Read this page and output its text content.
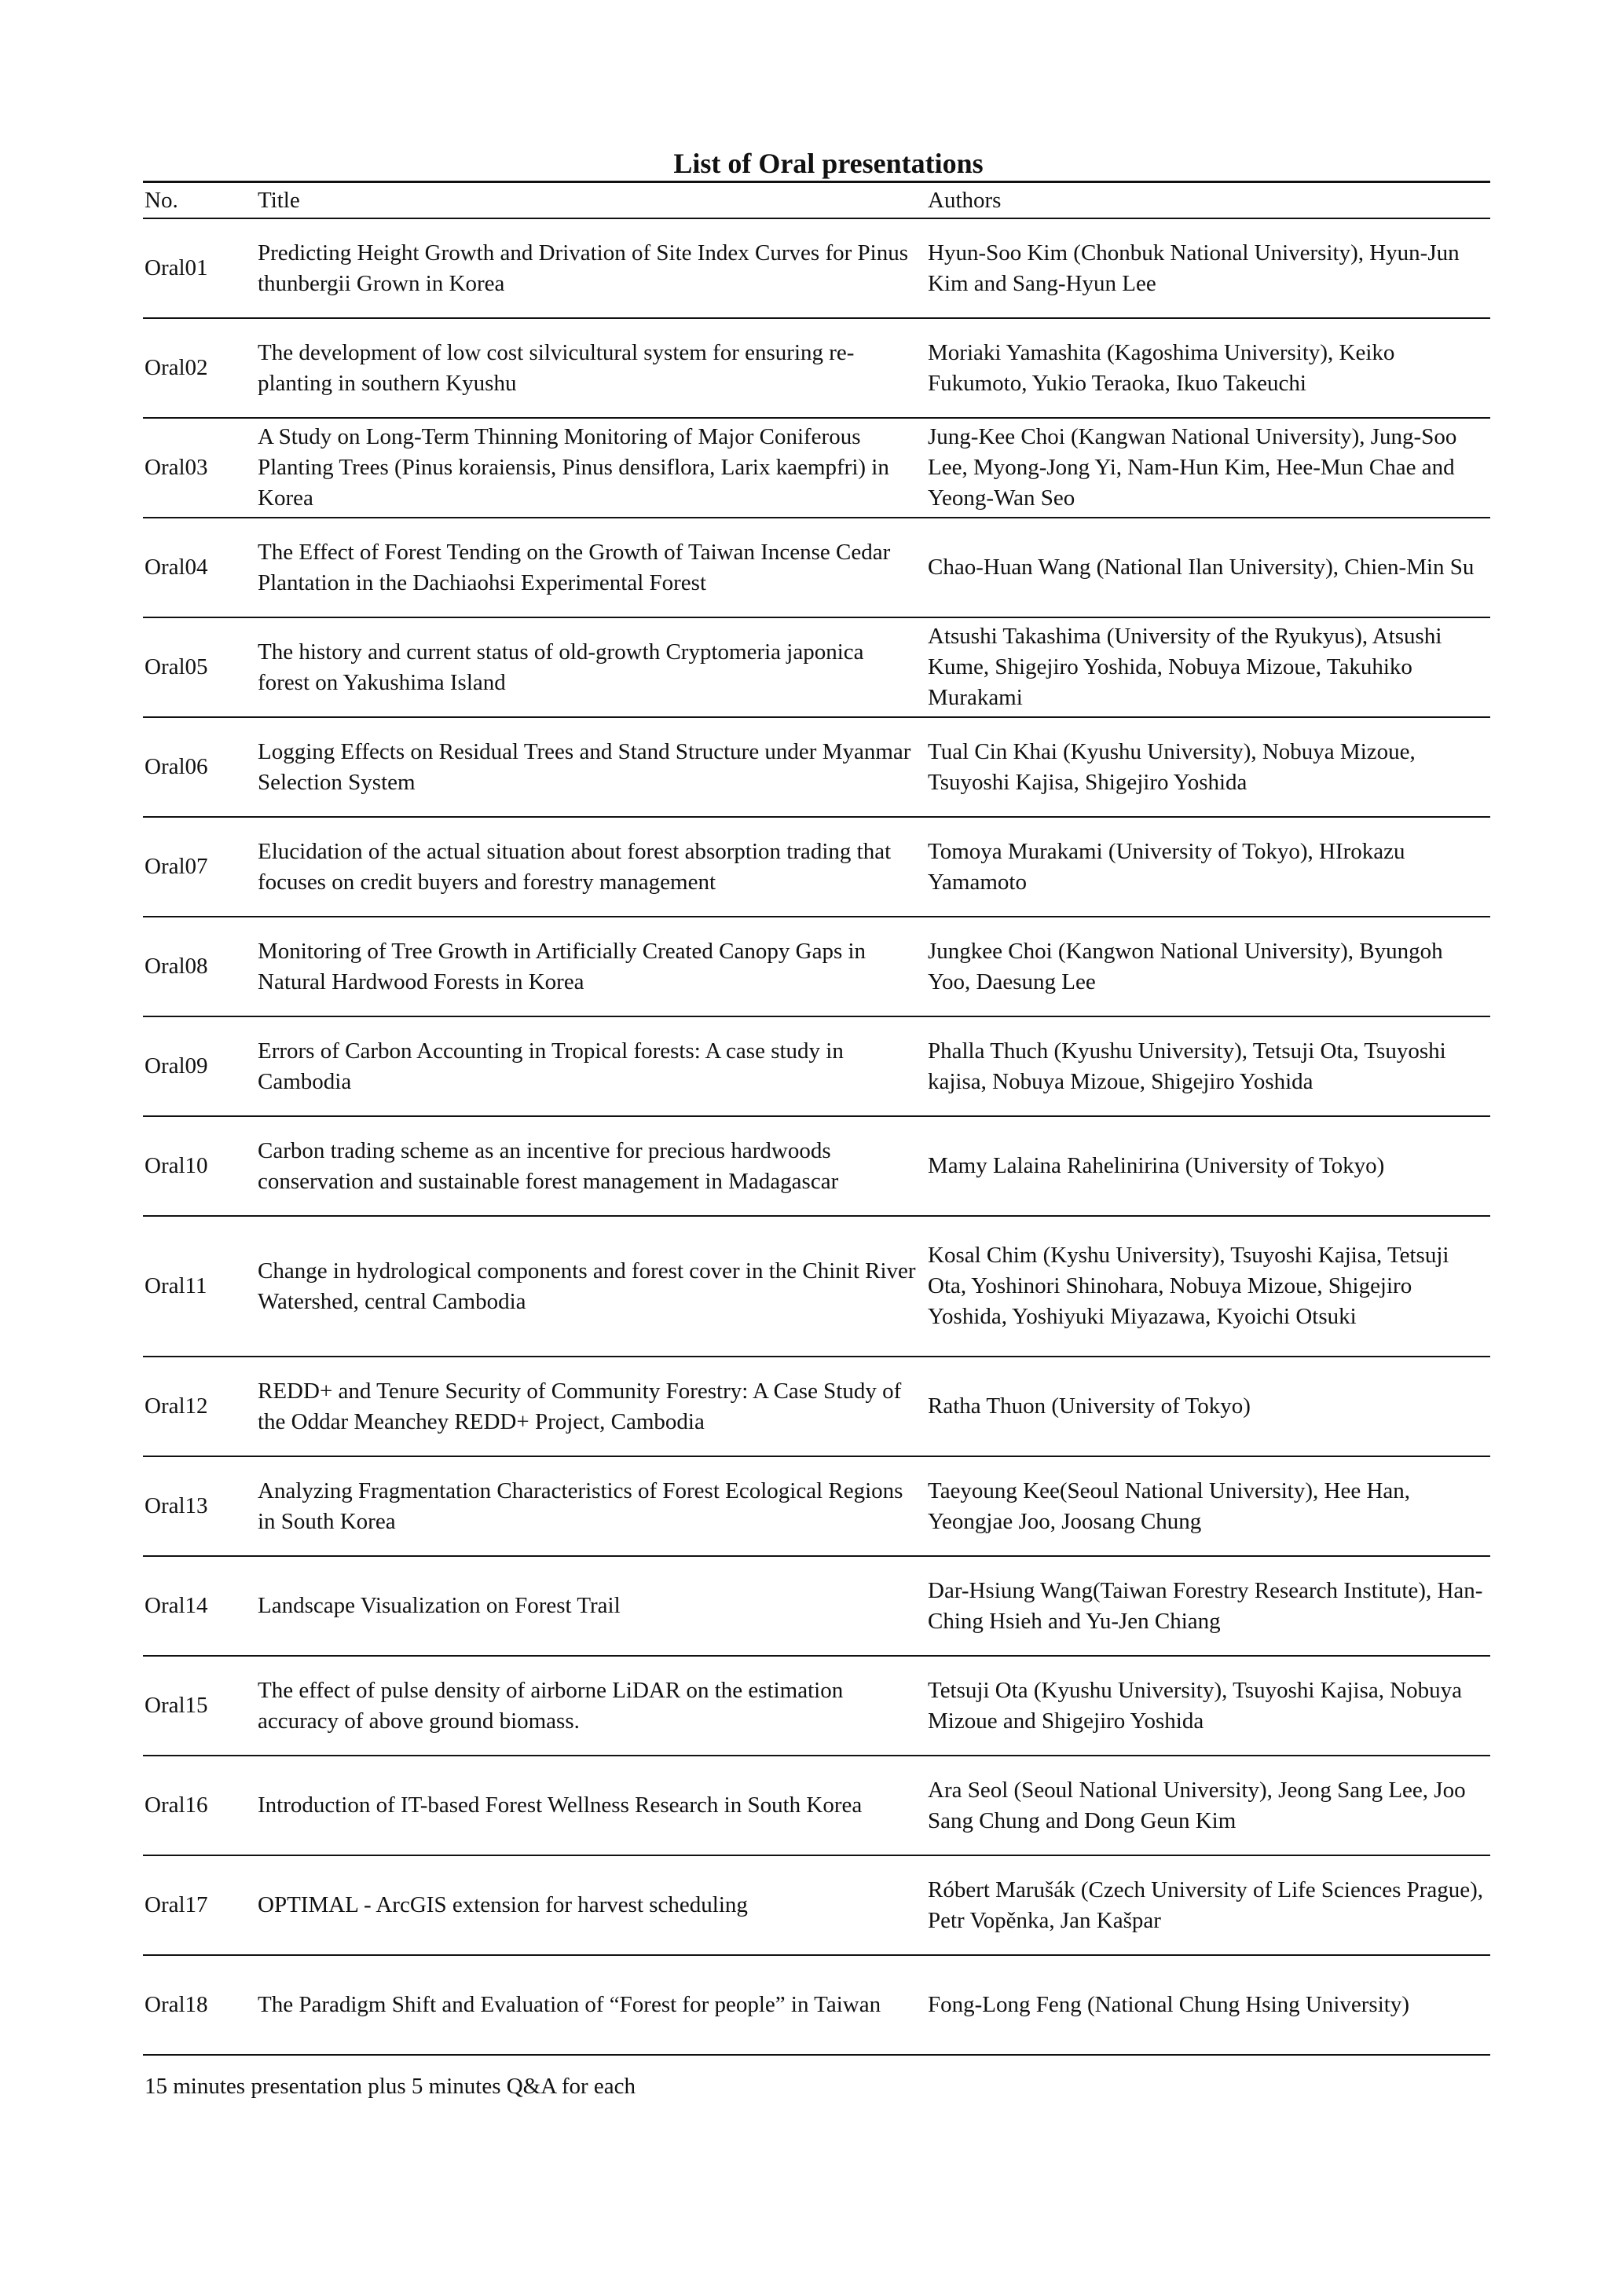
List of Oral presentations
No.	Title	Authors
Oral01	Predicting Height Growth and Drivation of Site Index Curves for Pinus thunbergii Grown in Korea	Hyun-Soo Kim (Chonbuk National University), Hyun-Jun Kim and Sang-Hyun Lee
Oral02	The development of low cost silvicultural system for ensuring re-planting in southern Kyushu	Moriaki Yamashita (Kagoshima University), Keiko Fukumoto, Yukio Teraoka, Ikuo Takeuchi
Oral03	A Study on Long-Term Thinning Monitoring of Major Coniferous Planting Trees (Pinus koraiensis, Pinus densiflora, Larix kaempfri) in Korea	Jung-Kee Choi (Kangwan National University), Jung-Soo Lee, Myong-Jong Yi, Nam-Hun Kim, Hee-Mun Chae and Yeong-Wan Seo
Oral04	The Effect of Forest Tending on the Growth of Taiwan Incense Cedar Plantation in the Dachiaohsi Experimental Forest	Chao-Huan Wang (National Ilan University), Chien-Min Su
Oral05	The history and current status of old-growth Cryptomeria japonica forest on Yakushima Island	Atsushi Takashima (University of the Ryukyus), Atsushi Kume, Shigejiro Yoshida, Nobuya Mizoue, Takuhiko Murakami
Oral06	Logging Effects on Residual Trees and Stand Structure under Myanmar Selection System	Tual Cin Khai (Kyushu University), Nobuya Mizoue, Tsuyoshi Kajisa, Shigejiro Yoshida
Oral07	Elucidation of the actual situation about forest absorption trading that focuses on credit buyers and forestry management	Tomoya Murakami (University of Tokyo), HIrokazu Yamamoto
Oral08	Monitoring of Tree Growth in Artificially Created Canopy Gaps in Natural Hardwood Forests in Korea	Jungkee Choi (Kangwon National University), Byungoh Yoo, Daesung Lee
Oral09	Errors of Carbon Accounting in Tropical forests: A case study in Cambodia	Phalla Thuch (Kyushu University), Tetsuji Ota, Tsuyoshi kajisa, Nobuya Mizoue, Shigejiro Yoshida
Oral10	Carbon trading scheme as an incentive for precious hardwoods conservation and sustainable forest management in Madagascar	Mamy Lalaina Rahelinirina (University of Tokyo)
Oral11	Change in hydrological components and forest cover in the Chinit River Watershed, central Cambodia	Kosal Chim (Kyshu University), Tsuyoshi Kajisa, Tetsuji Ota, Yoshinori Shinohara, Nobuya Mizoue, Shigejiro Yoshida, Yoshiyuki Miyazawa, Kyoichi Otsuki
Oral12	REDD+ and Tenure Security of Community Forestry: A Case Study of the Oddar Meanchey REDD+ Project, Cambodia	Ratha Thuon (University of Tokyo)
Oral13	Analyzing Fragmentation Characteristics of Forest Ecological Regions in South Korea	Taeyoung Kee(Seoul National University), Hee Han, Yeongjae Joo, Joosang Chung
Oral14	Landscape Visualization on Forest Trail	Dar-Hsiung Wang(Taiwan Forestry Research Institute), Han-Ching Hsieh and Yu-Jen Chiang
Oral15	The effect of pulse density of airborne LiDAR on the estimation accuracy of above ground biomass.	Tetsuji Ota (Kyushu University), Tsuyoshi Kajisa, Nobuya Mizoue and Shigejiro Yoshida
Oral16	Introduction of IT-based Forest Wellness Research in South Korea	Ara Seol (Seoul National University), Jeong Sang Lee, Joo Sang Chung and Dong Geun Kim
Oral17	OPTIMAL - ArcGIS extension for harvest scheduling	Róbert Marušák (Czech University of Life Sciences Prague), Petr Vopěnka, Jan Kašpar
Oral18	The Paradigm Shift and Evaluation of “Forest for people” in Taiwan	Fong-Long Feng (National Chung Hsing University)
15 minutes presentation plus 5 minutes Q&A for each
